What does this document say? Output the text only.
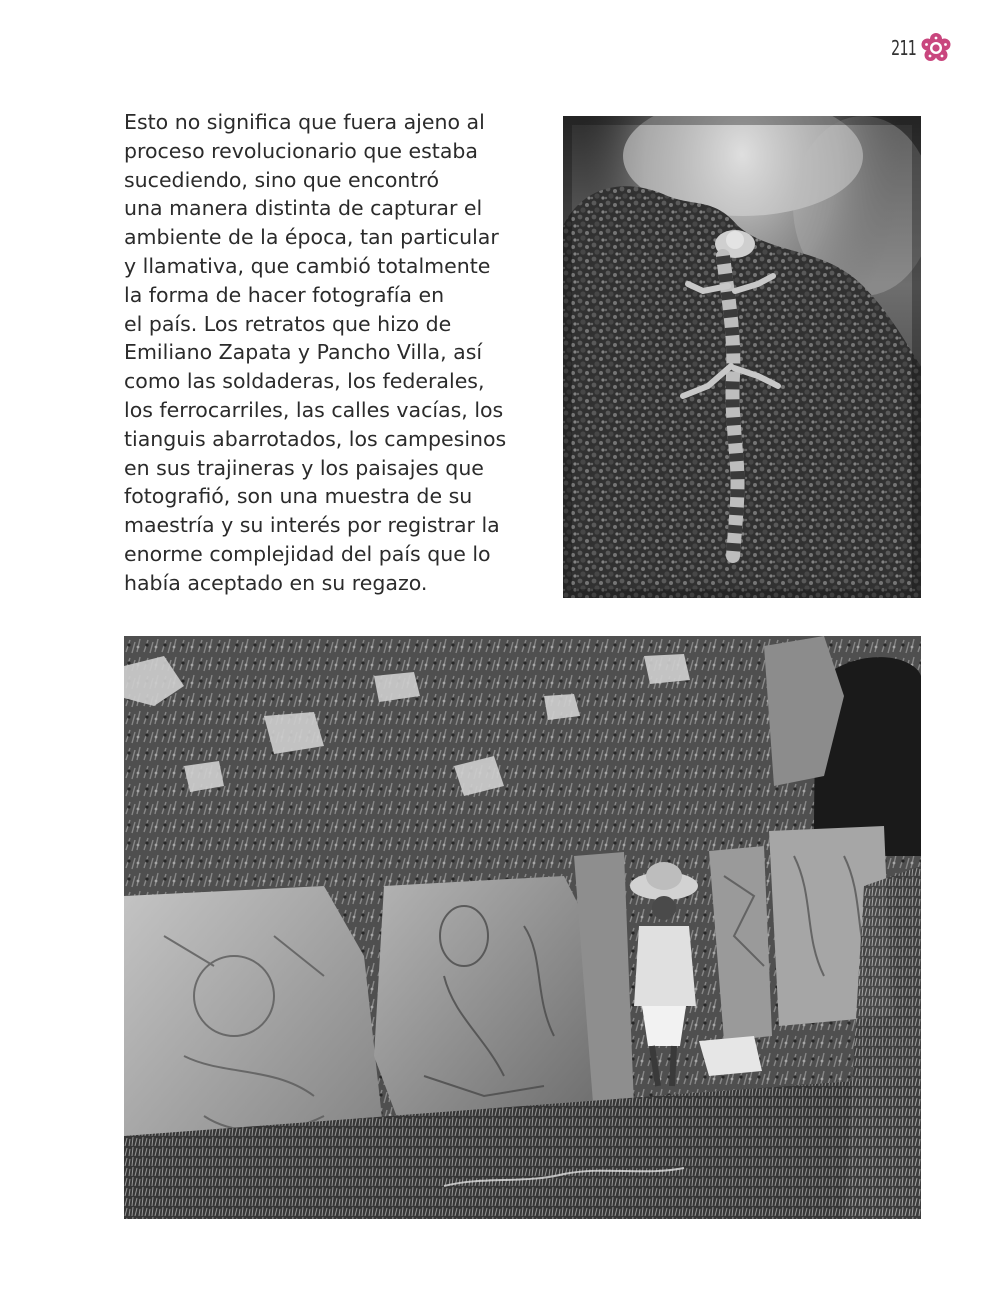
211

Esto no significa que fuera ajeno al
proceso revolucionario que estaba
sucediendo, sino que encontró
una manera distinta de capturar el
ambiente de la época, tan particular
y llamativa, que cambió totalmente
la forma de hacer fotografía en
el país. Los retratos que hizo de
Emiliano Zapata y Pancho Villa, así
como las soldaderas, los federales,
los ferrocarriles, las calles vacías, los
tianguis abarrotados, los campesinos
en sus trajineras y los paisajes que
fotografió, son una muestra de su
maestría y su interés por registrar la
enorme complejidad del país que lo
había aceptado en su regazo.
